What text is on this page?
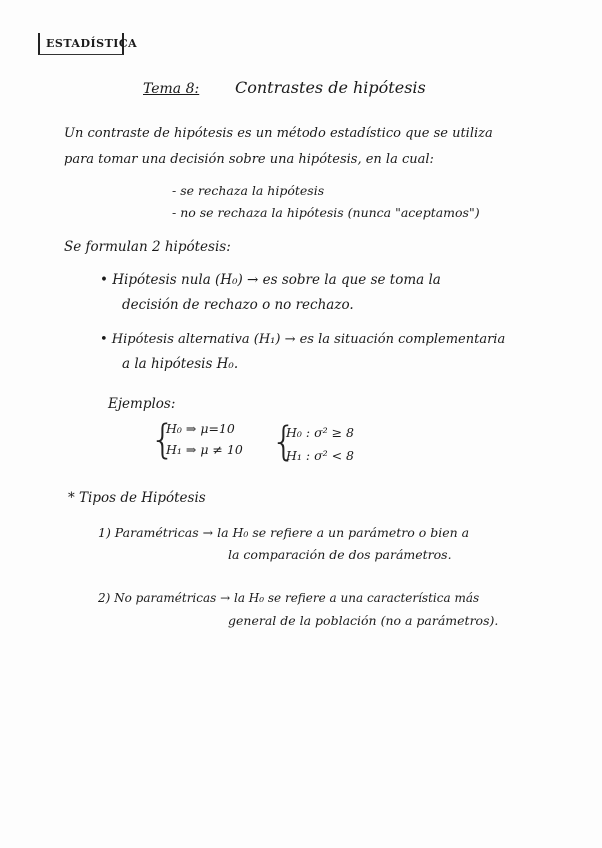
ESTADÍSTICA
Tema 8: Contrastes de hipótesis
Un contraste de hipótesis es un método estadístico que se utiliza
para tomar una decisión sobre una hipótesis, en la cual:
- se rechaza la hipótesis
- no se rechaza la hipótesis (nunca "aceptamos")
Se formulan 2 hipótesis:
• Hipótesis nula (H₀) → es sobre la que se toma la
decisión de rechazo o no rechazo.
• Hipótesis alternativa (H₁) → es la situación complementaria
a la hipótesis H₀.
Ejemplos:
{
H₀ ⇒ μ=10
H₁ ⇒ μ ≠ 10 {
H₀ : σ² ≥ 8
H₁ : σ² < 8
* Tipos de Hipótesis
1) Paramétricas → la H₀ se refiere a un parámetro o bien a
la comparación de dos parámetros.
2) No paramétricas → la H₀ se refiere a una característica más
general de la población (no a parámetros).
